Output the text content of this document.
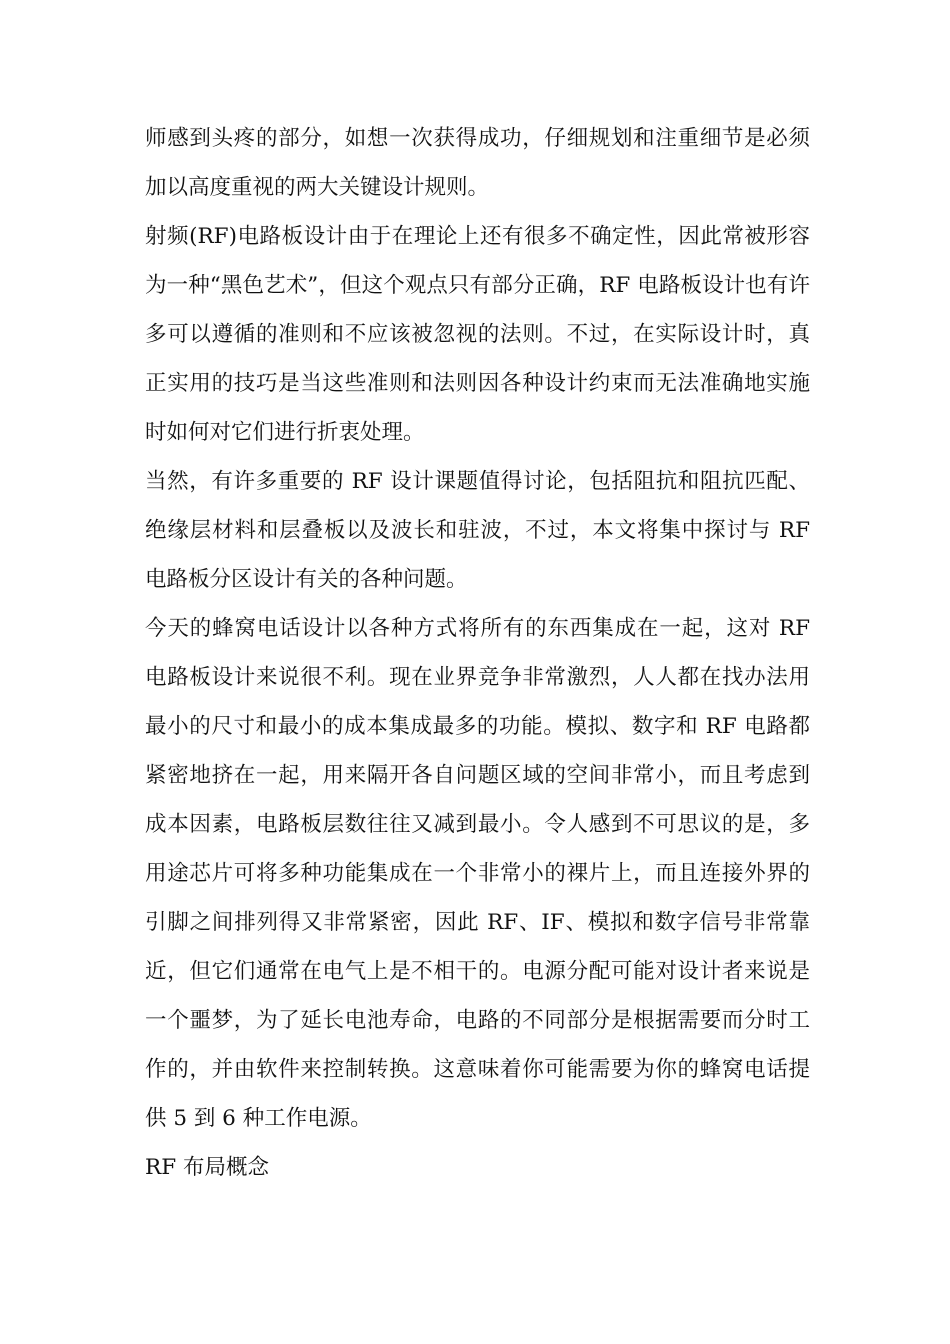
师感到头疼的部分，如想一次获得成功，仔细规划和注重细节是必须加以高度重视的两大关键设计规则。

射频(RF)电路板设计由于在理论上还有很多不确定性，因此常被形容为一种“黑色艺术”，但这个观点只有部分正确，RF 电路板设计也有许多可以遵循的准则和不应该被忽视的法则。不过，在实际设计时，真正实用的技巧是当这些准则和法则因各种设计约束而无法准确地实施时如何对它们进行折衷处理。

当然，有许多重要的 RF 设计课题值得讨论，包括阻抗和阻抗匹配、绝缘层材料和层叠板以及波长和驻波，不过，本文将集中探讨与 RF 电路板分区设计有关的各种问题。

今天的蜂窝电话设计以各种方式将所有的东西集成在一起，这对 RF 电路板设计来说很不利。现在业界竞争非常激烈，人人都在找办法用最小的尺寸和最小的成本集成最多的功能。模拟、数字和 RF 电路都紧密地挤在一起，用来隔开各自问题区域的空间非常小，而且考虑到成本因素，电路板层数往往又减到最小。令人感到不可思议的是，多用途芯片可将多种功能集成在一个非常小的裸片上，而且连接外界的引脚之间排列得又非常紧密，因此 RF、IF、模拟和数字信号非常靠近，但它们通常在电气上是不相干的。电源分配可能对设计者来说是一个噩梦，为了延长电池寿命，电路的不同部分是根据需要而分时工作的，并由软件来控制转换。这意味着你可能需要为你的蜂窝电话提供 5 到 6 种工作电源。

RF 布局概念
